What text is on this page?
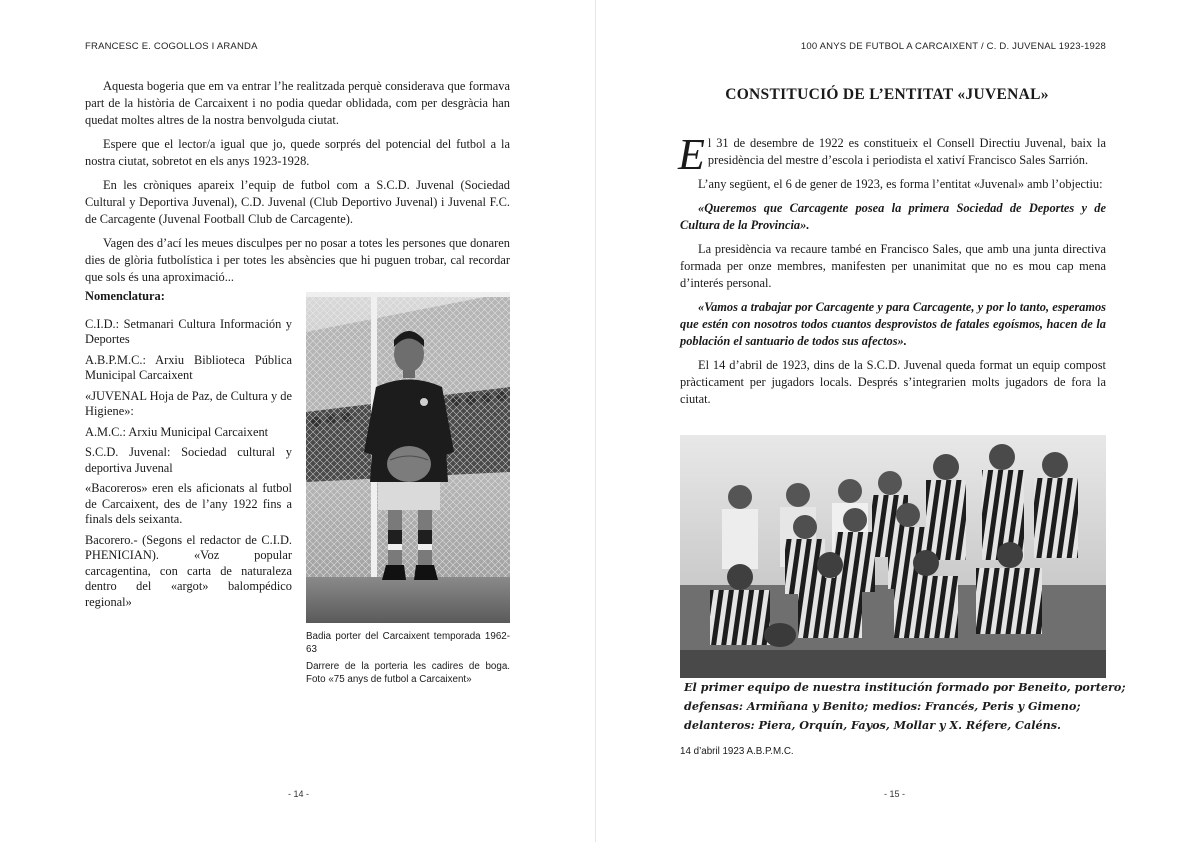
FRANCESC E. COGOLLOS I ARANDA

Aquesta bogeria que em va entrar l’he realitzada perquè considerava que formava part de la història de Carcaixent i no podia quedar oblidada, com per desgràcia han quedat moltes altres de la nostra benvolguda ciutat.

Espere que el lector/a igual que jo, quede sorprés del potencial del futbol a la nostra ciutat, sobretot en els anys 1923-1928.

En les cròniques apareix l’equip de futbol com a S.C.D. Juvenal (Sociedad Cultural y Deportiva Juvenal), C.D. Juvenal (Club Deportivo Juvenal) i Juvenal F.C. de Carcagente (Juvenal Football Club de Carcagente).

Vagen des d’ací les meues disculpes per no posar a totes les persones que donaren dies de glòria futbolística i per totes les absències que hi puguen trobar, cal recordar que sols és una aproximació...

Nomenclatura:

C.I.D.: Setmanari Cultura Información y Deportes

A.B.P.M.C.: Arxiu Biblioteca Pública Municipal Carcaixent

«JUVENAL Hoja de Paz, de Cultura y de Higiene»:

A.M.C.: Arxiu Municipal Carcaixent

S.C.D. Juvenal: Sociedad cultural y deportiva Juvenal

«Bacoreros» eren els aficionats al futbol de Carcaixent, des de l’any 1922 fins a finals dels seixanta.

Bacorero.- (Segons el redactor de C.I.D. PHENICIAN). «Voz popular carcagentina, con carta de naturaleza dentro del «argot» balompédico regional»

Badia porter del Carcaixent temporada 1962-63

Darrere de la porteria les cadires de boga. Foto «75 anys de futbol a Carcaixent»

- 14 -
100 ANYS DE FUTBOL A CARCAIXENT / C. D. JUVENAL 1923-1928
CONSTITUCIÓ DE L’ENTITAT «JUVENAL»

El 31 de desembre de 1922 es constitueix el Consell Directiu Juvenal, baix la presidència del mestre d’escola i periodista el xativí Francisco Sales Sarrión.

L’any següent, el 6 de gener de 1923, es forma l’entitat «Juvenal» amb l’objectiu:

«Queremos que Carcagente posea la primera Sociedad de Deportes y de Cultura de la Provincia».

La presidència va recaure també en Francisco Sales, que amb una junta directiva formada per onze membres, manifesten per unanimitat que no es mou cap mena d’interés personal.

«Vamos a trabajar por Carcagente y para Carcagente, y por lo tanto, esperamos que estén con nosotros todos cuantos desprovistos de fatales egoísmos, hacen de la población el santuario de todos sus afectos».

El 14 d’abril de 1923, dins de la S.C.D. Juvenal queda format un equip compost pràcticament per jugadors locals. Després s’integrarien molts jugadors de fora la ciutat.

El primer equipo de nuestra institución formado por Beneito, portero;

defensas: Armiñana y Benito; medios: Francés, Peris y Gimeno;

delanteros: Piera, Orquín, Fayos, Mollar y X. Réfere, Caléns.

14 d’abril 1923 A.B.P.M.C.
- 15 -
